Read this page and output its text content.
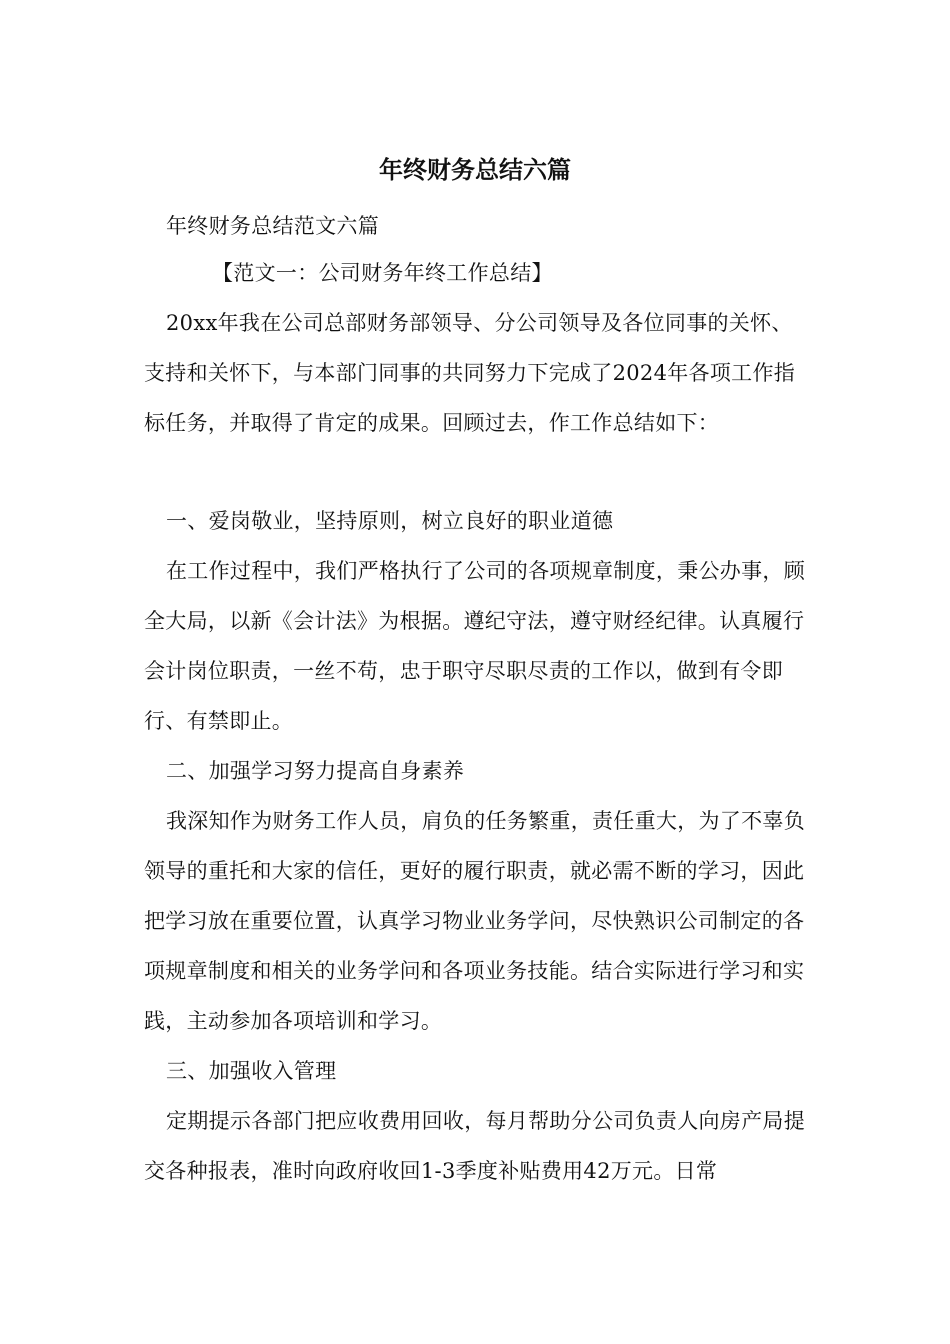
年终财务总结六篇

年终财务总结范文六篇

【范文一：公司财务年终工作总结】

20xx年我在公司总部财务部领导、分公司领导及各位同事的关怀、支持和关怀下，与本部门同事的共同努力下完成了2024年各项工作指标任务，并取得了肯定的成果。回顾过去，作工作总结如下：

一、爱岗敬业，坚持原则，树立良好的职业道德

在工作过程中，我们严格执行了公司的各项规章制度，秉公办事，顾全大局，以新《会计法》为根据。遵纪守法，遵守财经纪律。认真履行会计岗位职责，一丝不苟，忠于职守尽职尽责的工作以，做到有令即行、有禁即止。

二、加强学习努力提高自身素养

我深知作为财务工作人员，肩负的任务繁重，责任重大，为了不辜负领导的重托和大家的信任，更好的履行职责，就必需不断的学习，因此把学习放在重要位置，认真学习物业业务学问，尽快熟识公司制定的各项规章制度和相关的业务学问和各项业务技能。结合实际进行学习和实践，主动参加各项培训和学习。

三、加强收入管理

定期提示各部门把应收费用回收，每月帮助分公司负责人向房产局提交各种报表，准时向政府收回1-3季度补贴费用42万元。日常
